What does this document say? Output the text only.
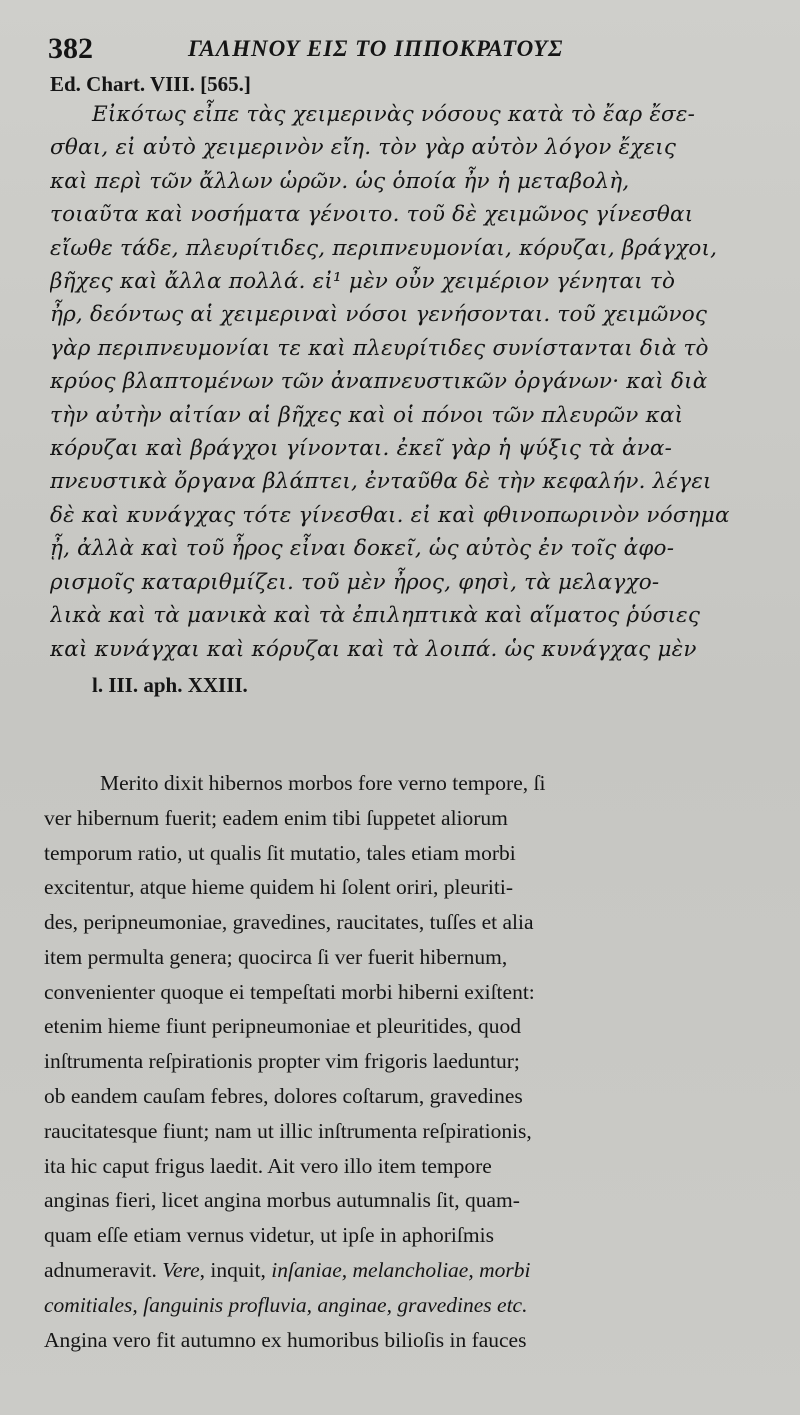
382	ΓΑΛΗΝΟΥ ΕΙΣ ΤΟ ΙΠΠΟΚΡΑΤΟΥΣ
Ed. Chart. VIII. [565.]
Εἰκότως εἶπε τὰς χειμερινὰς νόσους κατὰ τὸ ἔαρ ἔσε-
σθαι, εἰ αὐτὸ χειμερινὸν εἴη. τὸν γὰρ αὐτὸν λόγον ἔχεις
καὶ περὶ τῶν ἄλλων ὡρῶν. ὡς ὁποία ἦν ἡ μεταβολὴ,
τοιαῦτα καὶ νοσήματα γένοιτο. τοῦ δὲ χειμῶνος γίνεσθαι
εἴωθε τάδε, πλευρίτιδες, περιπνευμονίαι, κόρυζαι, βράγχοι,
βῆχες καὶ ἄλλα πολλά. εἰ¹ μὲν οὖν χειμέριον γένηται τὸ
ἦρ, δεόντως αἱ χειμεριναὶ νόσοι γενήσονται. τοῦ χειμῶνος
γὰρ περιπνευμονίαι τε καὶ πλευρίτιδες συνίστανται διὰ τὸ
κρύος βλαπτομένων τῶν ἀναπνευστικῶν ὀργάνων· καὶ διὰ
τὴν αὐτὴν αἰτίαν αἱ βῆχες καὶ οἱ πόνοι τῶν πλευρῶν καὶ
κόρυζαι καὶ βράγχοι γίνονται. ἐκεῖ γὰρ ἡ ψύξις τὰ ἀνα-
πνευστικὰ ὄργανα βλάπτει, ἐνταῦθα δὲ τὴν κεφαλήν. λέγει
δὲ καὶ κυνάγχας τότε γίνεσθαι. εἰ καὶ φθινοπωρινὸν νόσημα
ᾖ, ἀλλὰ καὶ τοῦ ἦρος εἶναι δοκεῖ, ὡς αὐτὸς ἐν τοῖς ἀφο-
ρισμοῖς καταριθμίζει. τοῦ μὲν ἦρος, φησὶ, τὰ μελαγχο-
λικὰ καὶ τὰ μανικὰ καὶ τὰ ἐπιληπτικὰ καὶ αἵματος ῥύσιες
καὶ κυνάγχαι καὶ κόρυζαι καὶ τὰ λοιπά. ὡς κυνάγχας μὲν
l. III. aph. XXIII.
Merito dixit hibernos morbos fore verno tempore, ſi
ver hibernum fuerit; eadem enim tibi ſuppetet aliorum
temporum ratio, ut qualis ſit mutatio, tales etiam morbi
excitentur, atque hieme quidem hi ſolent oriri, pleuriti-
des, peripneumoniae, gravedines, raucitates, tuſſes et alia
item permulta genera; quocirca ſi ver fuerit hibernum,
convenienter quoque ei tempeſtati morbi hiberni exiſtent:
etenim hieme fiunt peripneumoniae et pleuritides, quod
inſtrumenta reſpirationis propter vim frigoris laeduntur;
ob eandem cauſam febres, dolores coſtarum, gravedines
raucitatesque fiunt; nam ut illic inſtrumenta reſpirationis,
ita hic caput frigus laedit. Ait vero illo item tempore
anginas fieri, licet angina morbus autumnalis ſit, quam-
quam eſſe etiam vernus videtur, ut ipſe in aphoriſmis
adnumeravit. Vere, inquit, inſaniae, melancholiae, morbi
comitiales, ſanguinis profluvia, anginae, gravedines etc.
Angina vero fit autumno ex humoribus bilioſis in fauces
